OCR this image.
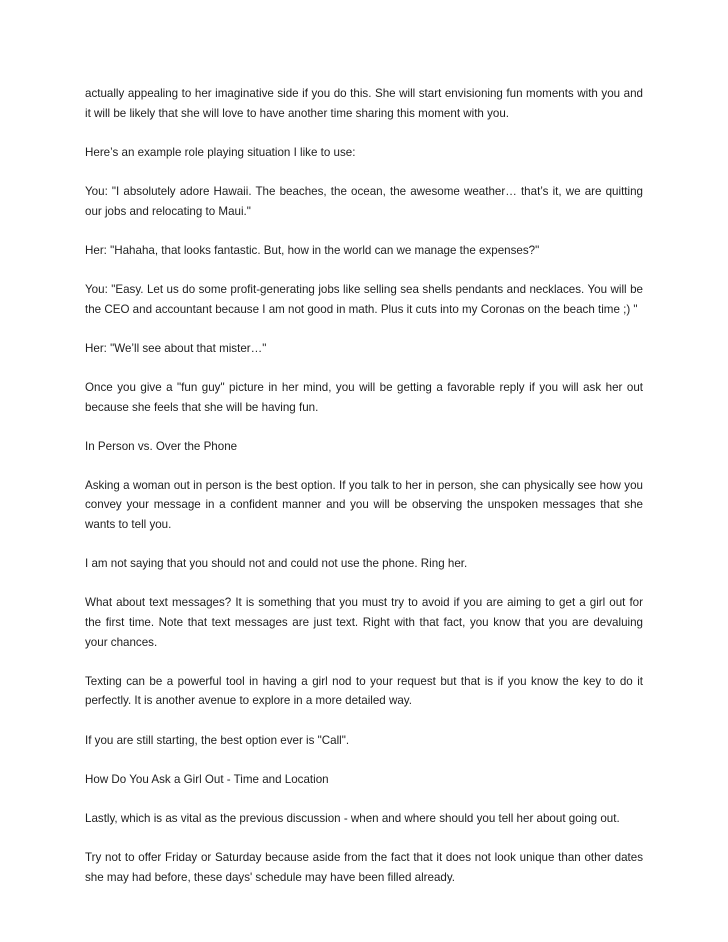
actually appealing to her imaginative side if you do this. She will start envisioning fun moments with you and it will be likely that she will love to have another time sharing this moment with you.

Here’s an example role playing situation I like to use:

You: "I absolutely adore Hawaii. The beaches, the ocean, the awesome weather… that’s it, we are quitting our jobs and relocating to Maui."

Her: "Hahaha, that looks fantastic. But, how in the world can we manage the expenses?"

You: "Easy. Let us do some profit-generating jobs like selling sea shells pendants and necklaces. You will be the CEO and accountant because I am not good in math. Plus it cuts into my Coronas on the beach time ;) "

Her: "We’ll see about that mister…"

Once you give a "fun guy" picture in her mind, you will be getting a favorable reply if you will ask her out because she feels that she will be having fun.

In Person vs. Over the Phone

Asking a woman out in person is the best option. If you talk to her in person, she can physically see how you convey your message in a confident manner and you will be observing the unspoken messages that she wants to tell you.

I am not saying that you should not and could not use the phone. Ring her.

What about text messages? It is something that you must try to avoid if you are aiming to get a girl out for the first time. Note that text messages are just text. Right with that fact, you know that you are devaluing your chances.

Texting can be a powerful tool in having a girl nod to your request but that is if you know the key to do it perfectly. It is another avenue to explore in a more detailed way.

If you are still starting, the best option ever is "Call".

How Do You Ask a Girl Out - Time and Location

Lastly, which is as vital as the previous discussion - when and where should you tell her about going out.

Try not to offer Friday or Saturday because aside from the fact that it does not look unique than other dates she may had before, these days' schedule may have been filled already.
